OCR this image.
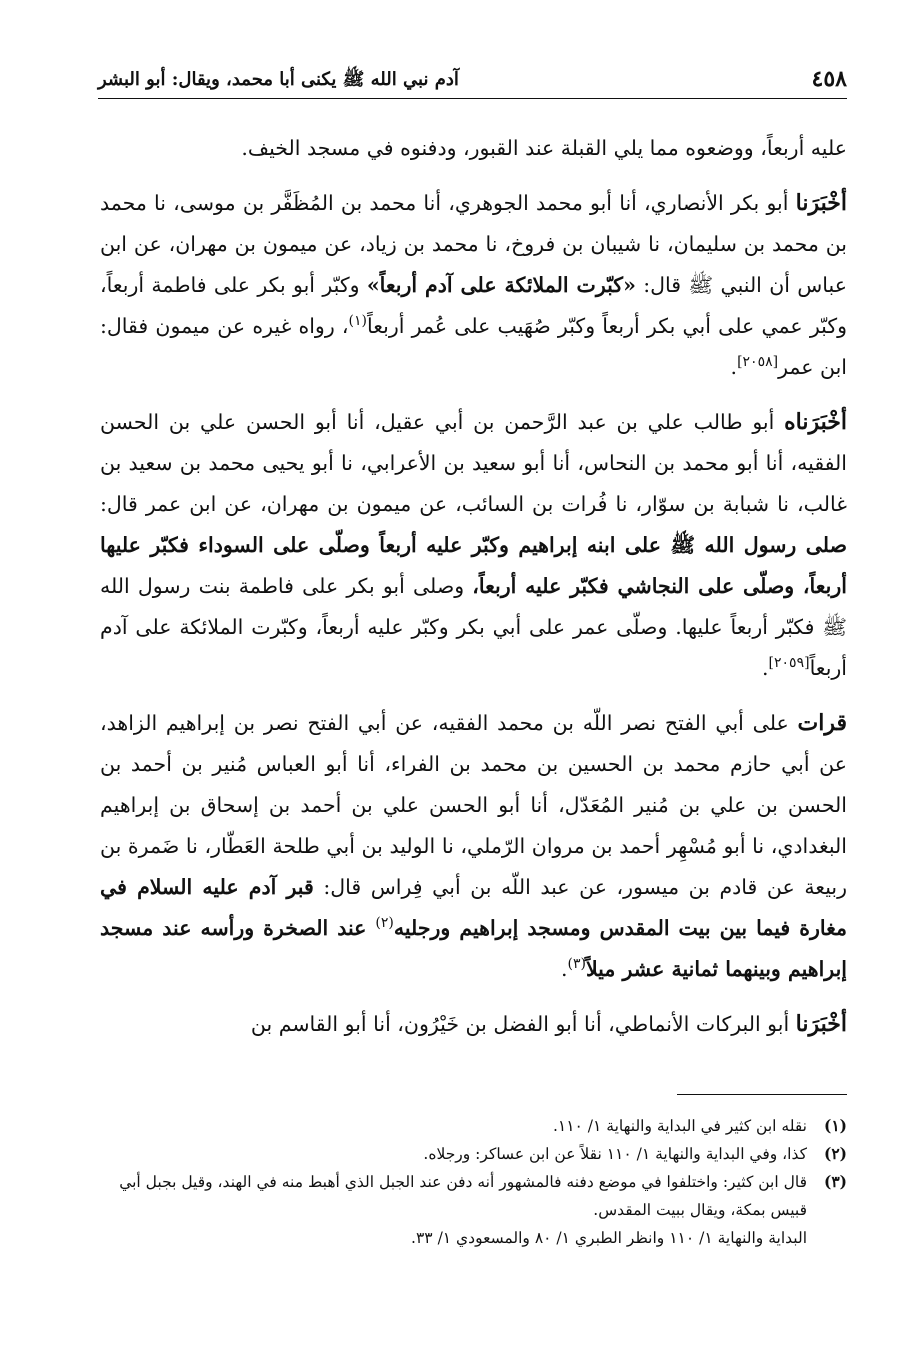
٤٥٨
آدم نبي الله ﷺ يكنى أبا محمد، ويقال: أبو البشر

عليه أربعاً، ووضعوه مما يلي القبلة عند القبور، ودفنوه في مسجد الخيف.

أخْبَرَنا أبو بكر الأنصاري، أنا أبو محمد الجوهري، أنا محمد بن المُظَفَّر بن موسى، نا محمد بن محمد بن سليمان، نا شيبان بن فروخ، نا محمد بن زياد، عن ميمون بن مهران، عن ابن عباس أن النبي ﷺ قال: «كبّرت الملائكة على آدم أربعاً» وكبّر أبو بكر على فاطمة أربعاً، وكبّر عمي على أبي بكر أربعاً وكبّر صُهَيب على عُمر أربعاً$^{(١)}$، رواه غيره عن ميمون فقال: ابن عمر[٢٠٥٨].

أخْبَرَناه أبو طالب علي بن عبد الرَّحمن بن أبي عقيل، أنا أبو الحسن علي بن الحسن الفقيه، أنا أبو محمد بن النحاس، أنا أبو سعيد بن الأعرابي، نا أبو يحيى محمد بن سعيد بن غالب، نا شبابة بن سوّار، نا فُرات بن السائب، عن ميمون بن مهران، عن ابن عمر قال: صلى رسول الله ﷺ على ابنه إبراهيم وكبّر عليه أربعاً وصلّى على السوداء فكبّر عليها أربعاً، وصلّى على النجاشي فكبّر عليه أربعاً، وصلى أبو بكر على فاطمة بنت رسول الله ﷺ فكبّر أربعاً عليها. وصلّى عمر على أبي بكر وكبّر عليه أربعاً، وكبّرت الملائكة على آدم أربعاً[٢٠٥٩].

قرات على أبي الفتح نصر اللّه بن محمد الفقيه، عن أبي الفتح نصر بن إبراهيم الزاهد، عن أبي حازم محمد بن الحسين بن محمد بن الفراء، أنا أبو العباس مُنير بن أحمد بن الحسن بن علي بن مُنير المُعَدّل، أنا أبو الحسن علي بن أحمد بن إسحاق بن إبراهيم البغدادي، نا أبو مُسْهِر أحمد بن مروان الرّملي، نا الوليد بن أبي طلحة العَطّار، نا ضَمرة بن ربيعة عن قادم بن ميسور، عن عبد اللّه بن أبي فِراس قال: قبر آدم عليه السلام في مغارة فيما بين بيت المقدس ومسجد إبراهيم ورجليه$^{(٢)}$ عند الصخرة ورأسه عند مسجد إبراهيم وبينهما ثمانية عشر ميلاً$^{(٣)}$.

أخْبَرَنا أبو البركات الأنماطي، أنا أبو الفضل بن خَيْرُون، أنا أبو القاسم بن

(١)
نقله ابن كثير في البداية والنهاية ١/ ١١٠.
(٢)
كذا، وفي البداية والنهاية ١/ ١١٠ نقلاً عن ابن عساكر: ورجلاه.
(٣)
قال ابن كثير: واختلفوا في موضع دفنه فالمشهور أنه دفن عند الجبل الذي أهبط منه في الهند، وقيل بجبل أبي قبيس بمكة، ويقال ببيت المقدس.
البداية والنهاية ١/ ١١٠ وانظر الطبري ١/ ٨٠ والمسعودي ١/ ٣٣.
